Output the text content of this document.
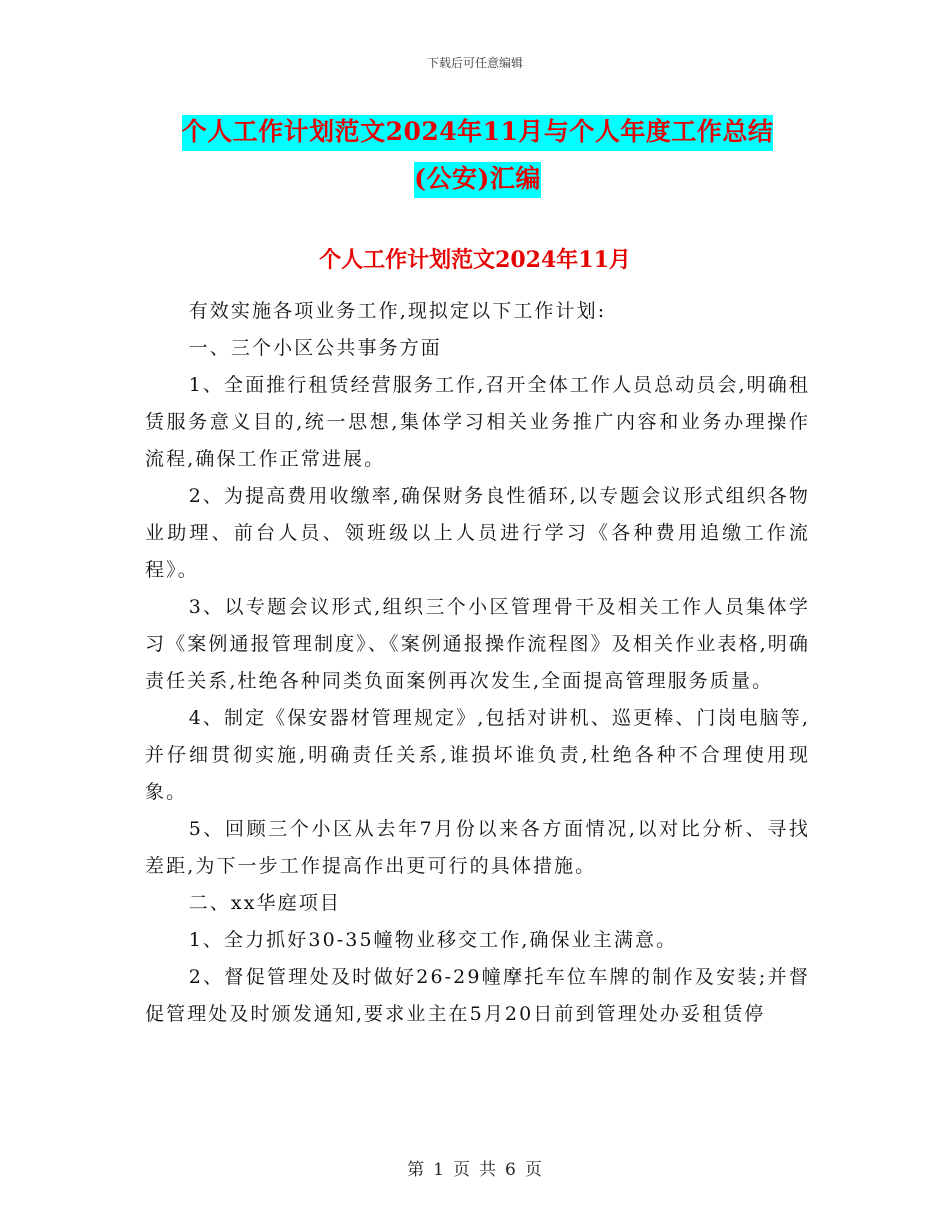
下载后可任意编辑
个人工作计划范文2024年11月与个人年度工作总结
(公安)汇编
个人工作计划范文2024年11月

有效实施各项业务工作,现拟定以下工作计划:

一、三个小区公共事务方面

1、全面推行租赁经营服务工作,召开全体工作人员总动员会,明确租赁服务意义目的,统一思想,集体学习相关业务推广内容和业务办理操作流程,确保工作正常进展。

2、为提高费用收缴率,确保财务良性循环,以专题会议形式组织各物业助理、前台人员、领班级以上人员进行学习《各种费用追缴工作流程》。

3、以专题会议形式,组织三个小区管理骨干及相关工作人员集体学习《案例通报管理制度》、《案例通报操作流程图》及相关作业表格,明确责任关系,杜绝各种同类负面案例再次发生,全面提高管理服务质量。

4、制定《保安器材管理规定》,包括对讲机、巡更棒、门岗电脑等,并仔细贯彻实施,明确责任关系,谁损坏谁负责,杜绝各种不合理使用现象。

5、回顾三个小区从去年7月份以来各方面情况,以对比分析、寻找差距,为下一步工作提高作出更可行的具体措施。

二、xx华庭项目

1、全力抓好30-35幢物业移交工作,确保业主满意。

2、督促管理处及时做好26-29幢摩托车位车牌的制作及安装;并督促管理处及时颁发通知,要求业主在5月20日前到管理处办妥租赁停

第 1 页 共 6 页
